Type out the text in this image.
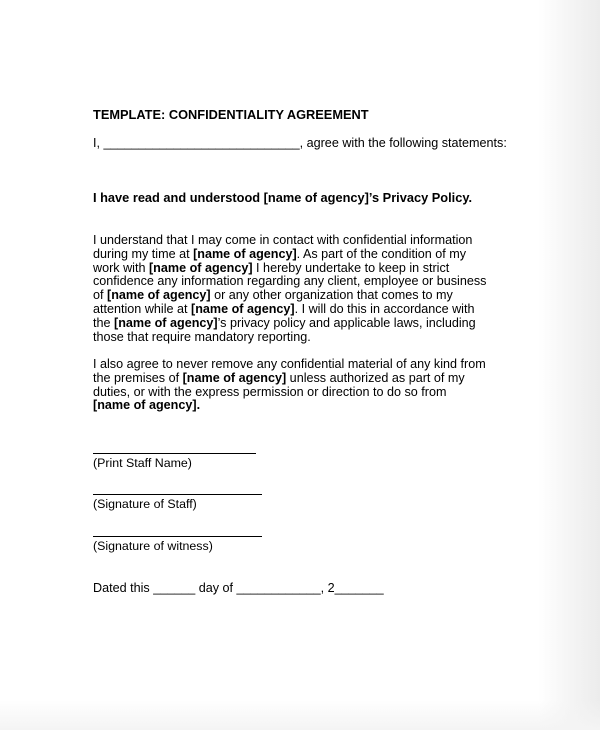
TEMPLATE: CONFIDENTIALITY AGREEMENT
I, ____________________________, agree with the following statements:
I have read and understood [name of agency]’s Privacy Policy.
I understand that I may come in contact with confidential information
during my time at [name of agency]. As part of the condition of my
work with [name of agency] I hereby undertake to keep in strict
confidence any information regarding any client, employee or business
of [name of agency] or any other organization that comes to my
attention while at [name of agency]. I will do this in accordance with
the [name of agency]’s privacy policy and applicable laws, including
those that require mandatory reporting.
I also agree to never remove any confidential material of any kind from
the premises of [name of agency] unless authorized as part of my
duties, or with the express permission or direction to do so from
[name of agency].
(Print Staff Name)
(Signature of Staff)
(Signature of witness)
Dated this ______ day of ____________, 2_______
